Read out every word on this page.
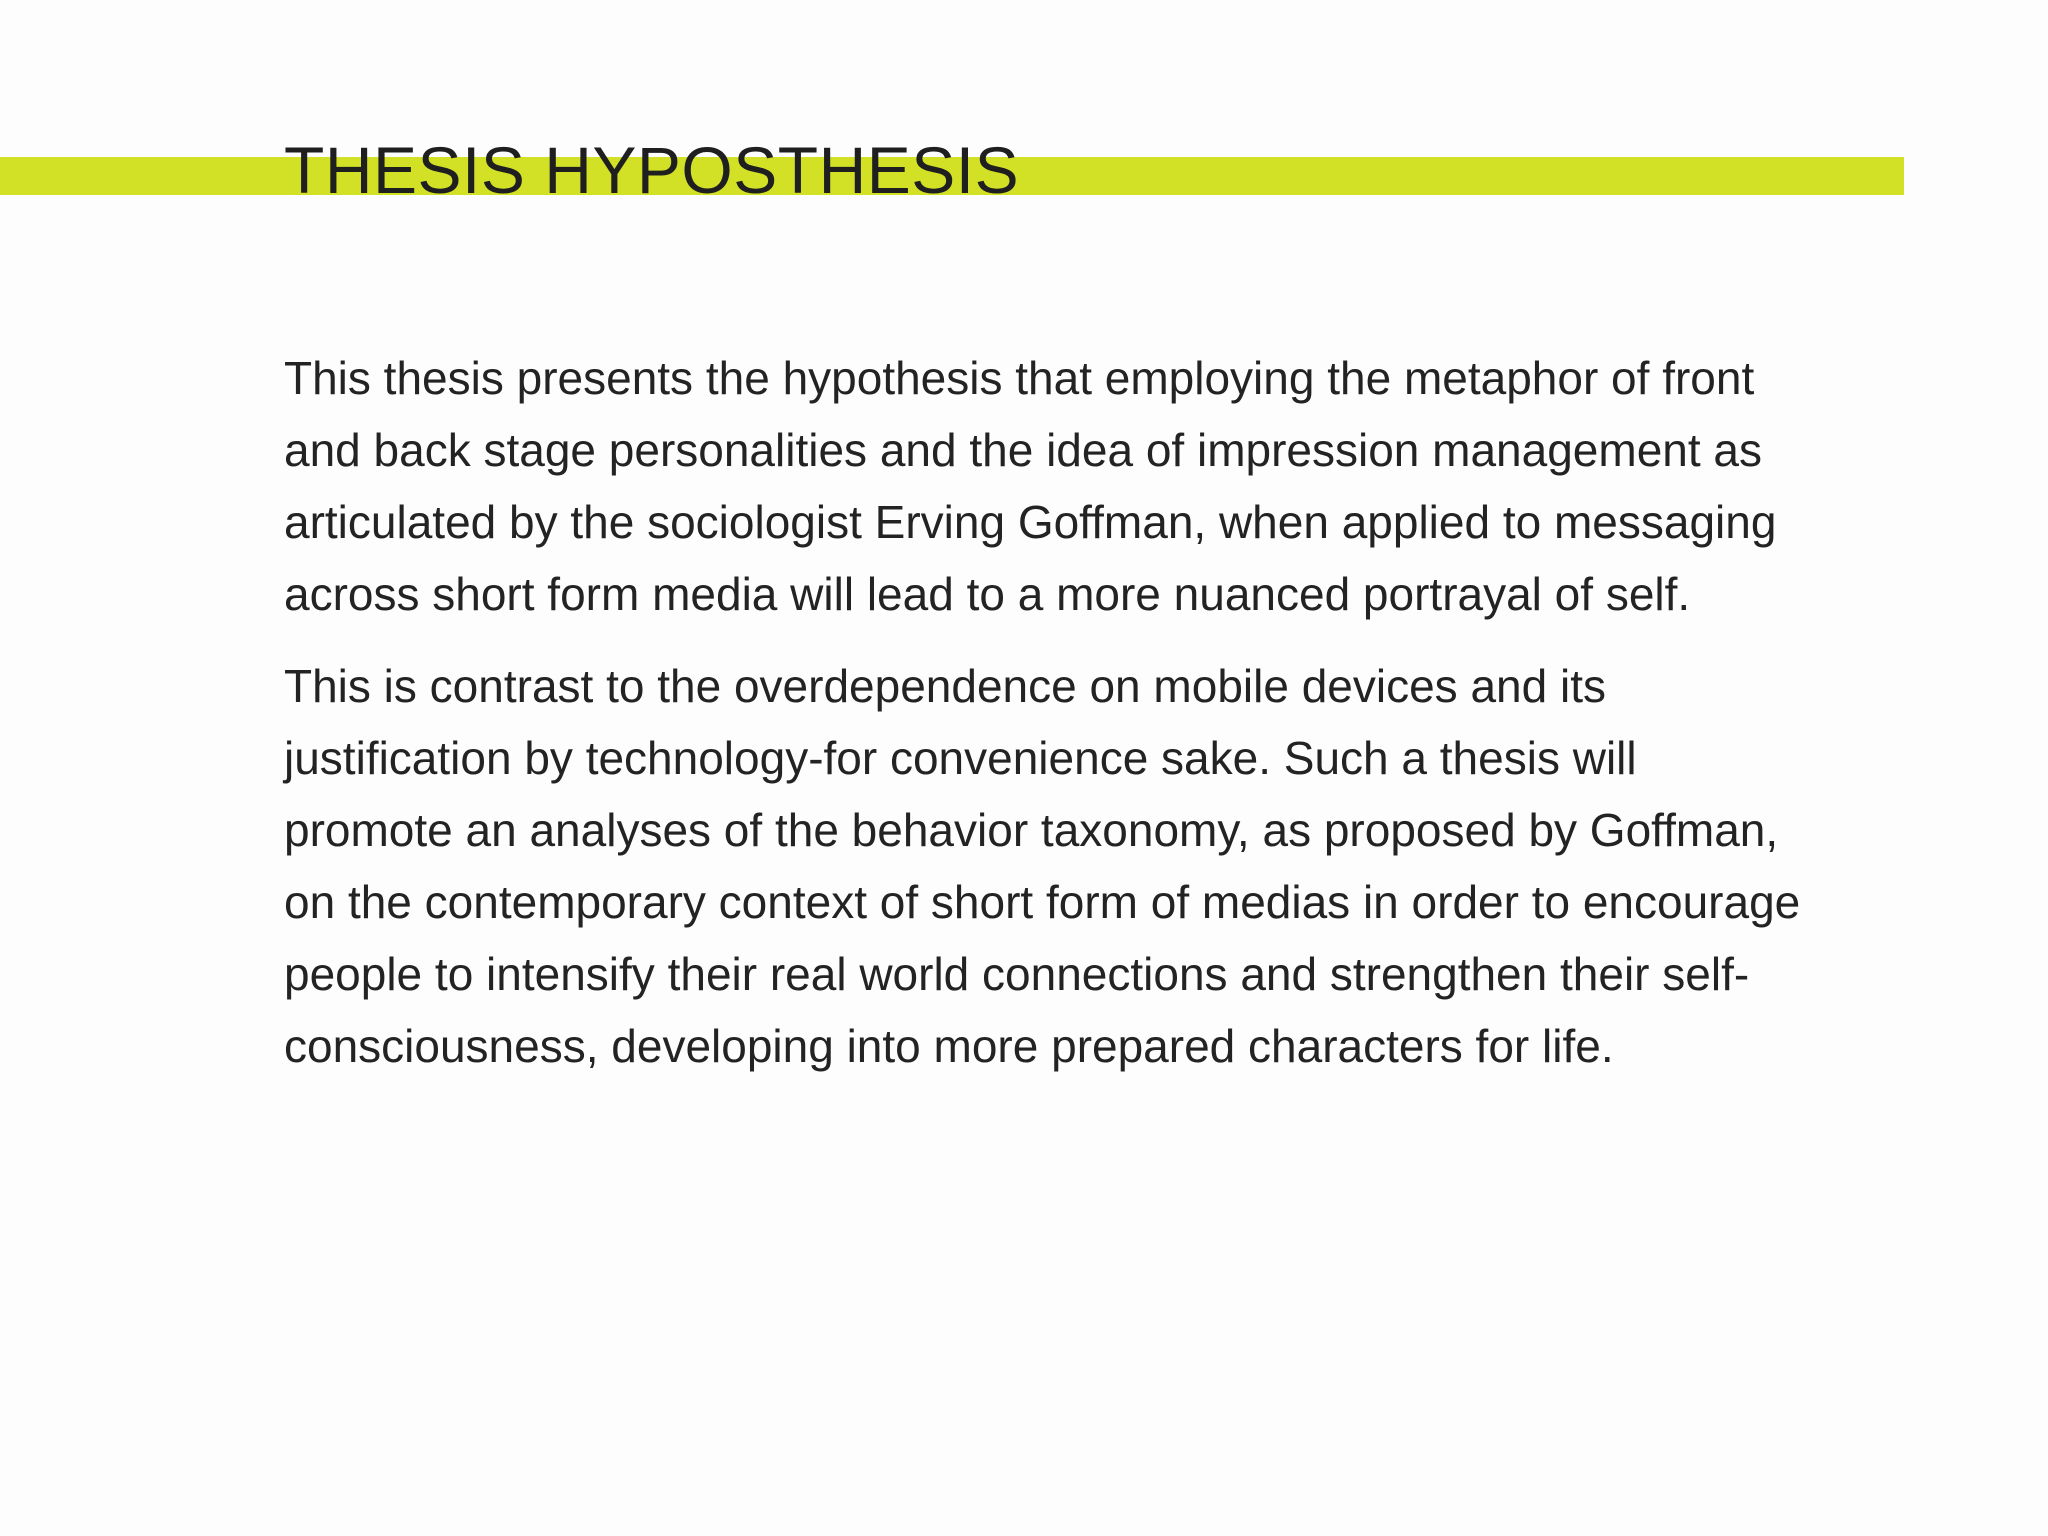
THESIS HYPOSTHESIS

This thesis presents the hypothesis that employing the metaphor of front and back stage personalities and the idea of impression management as articulated by the sociologist Erving Goffman, when applied to messaging across short form media will lead to a more nuanced portrayal of self.

This is contrast to the overdependence on mobile devices and its justification by technology-for convenience sake. Such a thesis will promote an analyses of the behavior taxonomy, as proposed by Goffman, on the contemporary context of short form of medias in order to encourage people to intensify their real world connections and strengthen their self-consciousness, developing into more prepared characters for life.
